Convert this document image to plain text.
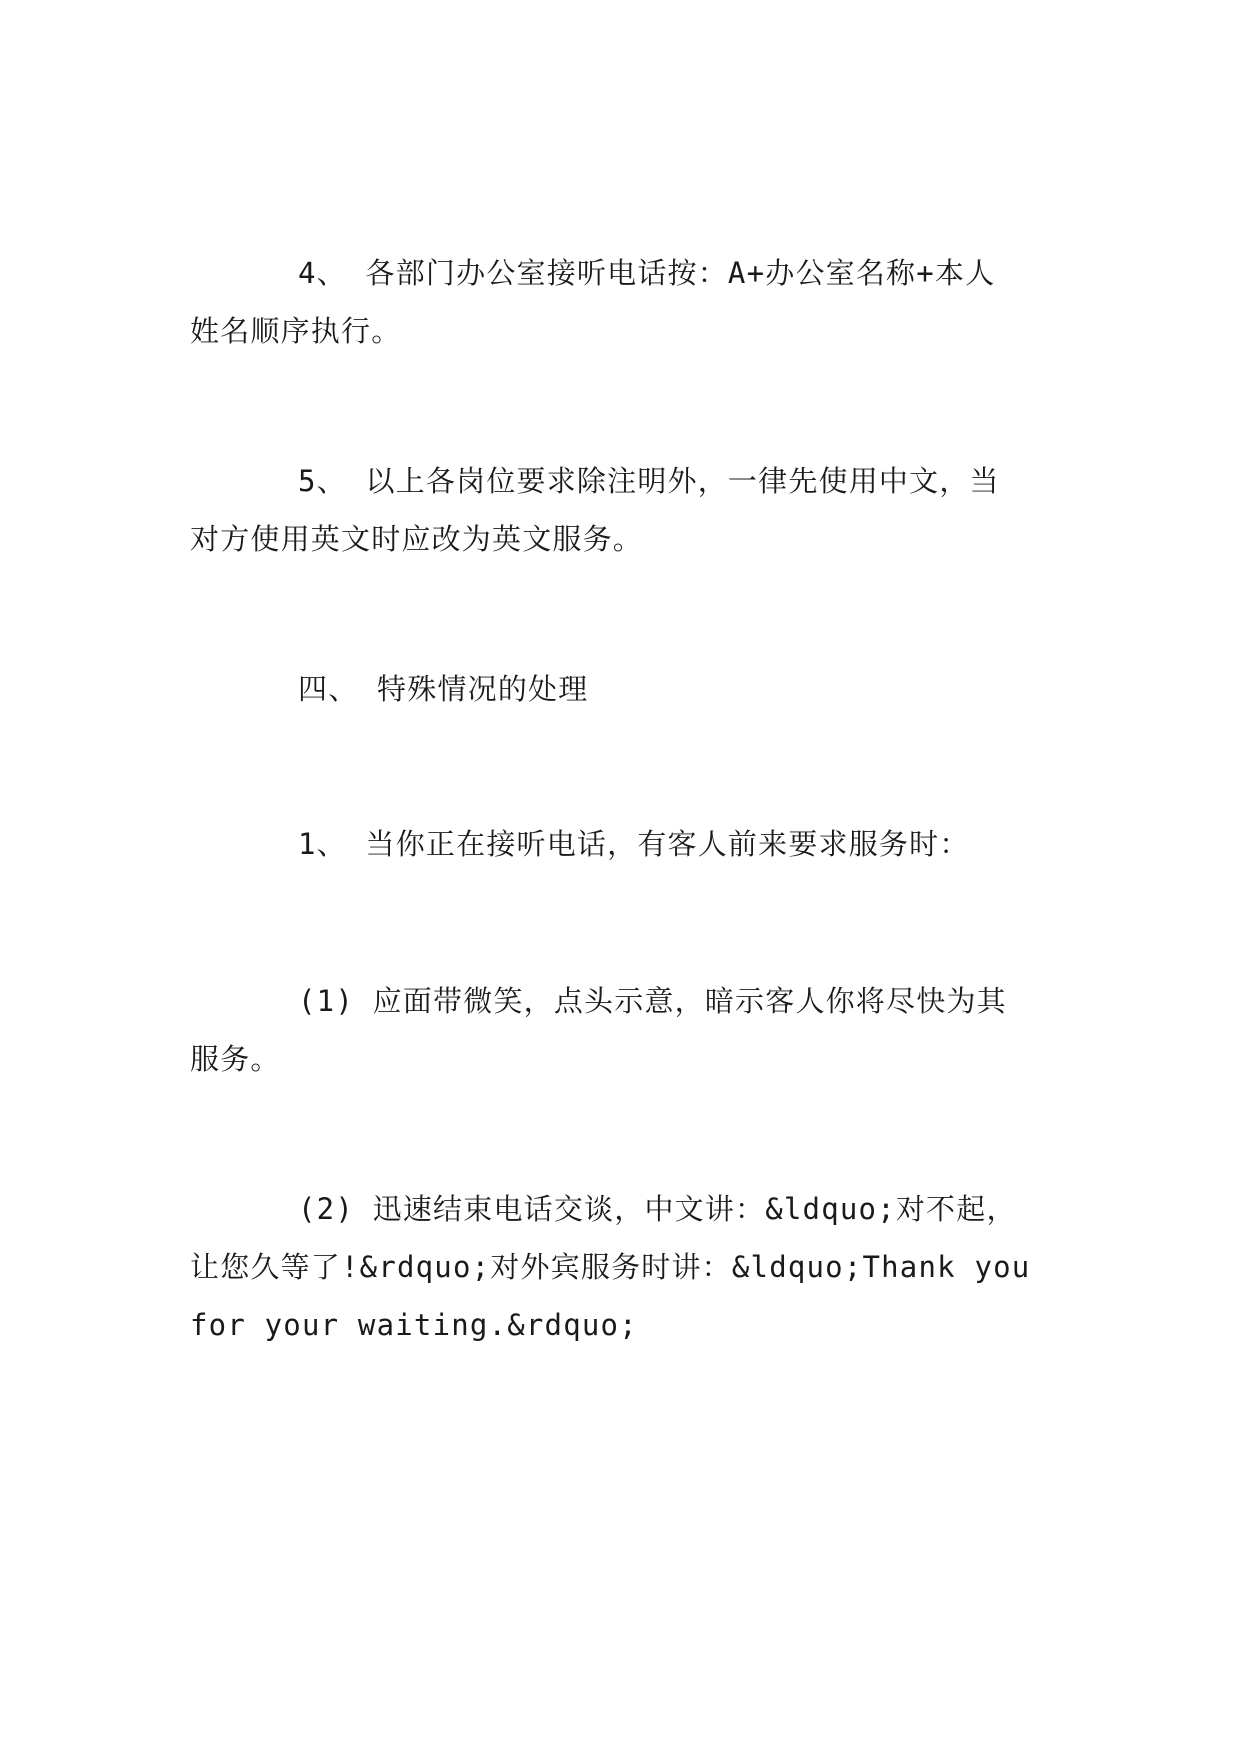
4、 各部门办公室接听电话按：A+办公室名称+本人
姓名顺序执行。
5、 以上各岗位要求除注明外，一律先使用中文，当
对方使用英文时应改为英文服务。
四、 特殊情况的处理
1、 当你正在接听电话，有客人前来要求服务时：
(1) 应面带微笑，点头示意，暗示客人你将尽快为其
服务。
(2) 迅速结束电话交谈，中文讲：&ldquo;对不起，
让您久等了!&rdquo;对外宾服务时讲：&ldquo;Thank you
for your waiting.&rdquo;
